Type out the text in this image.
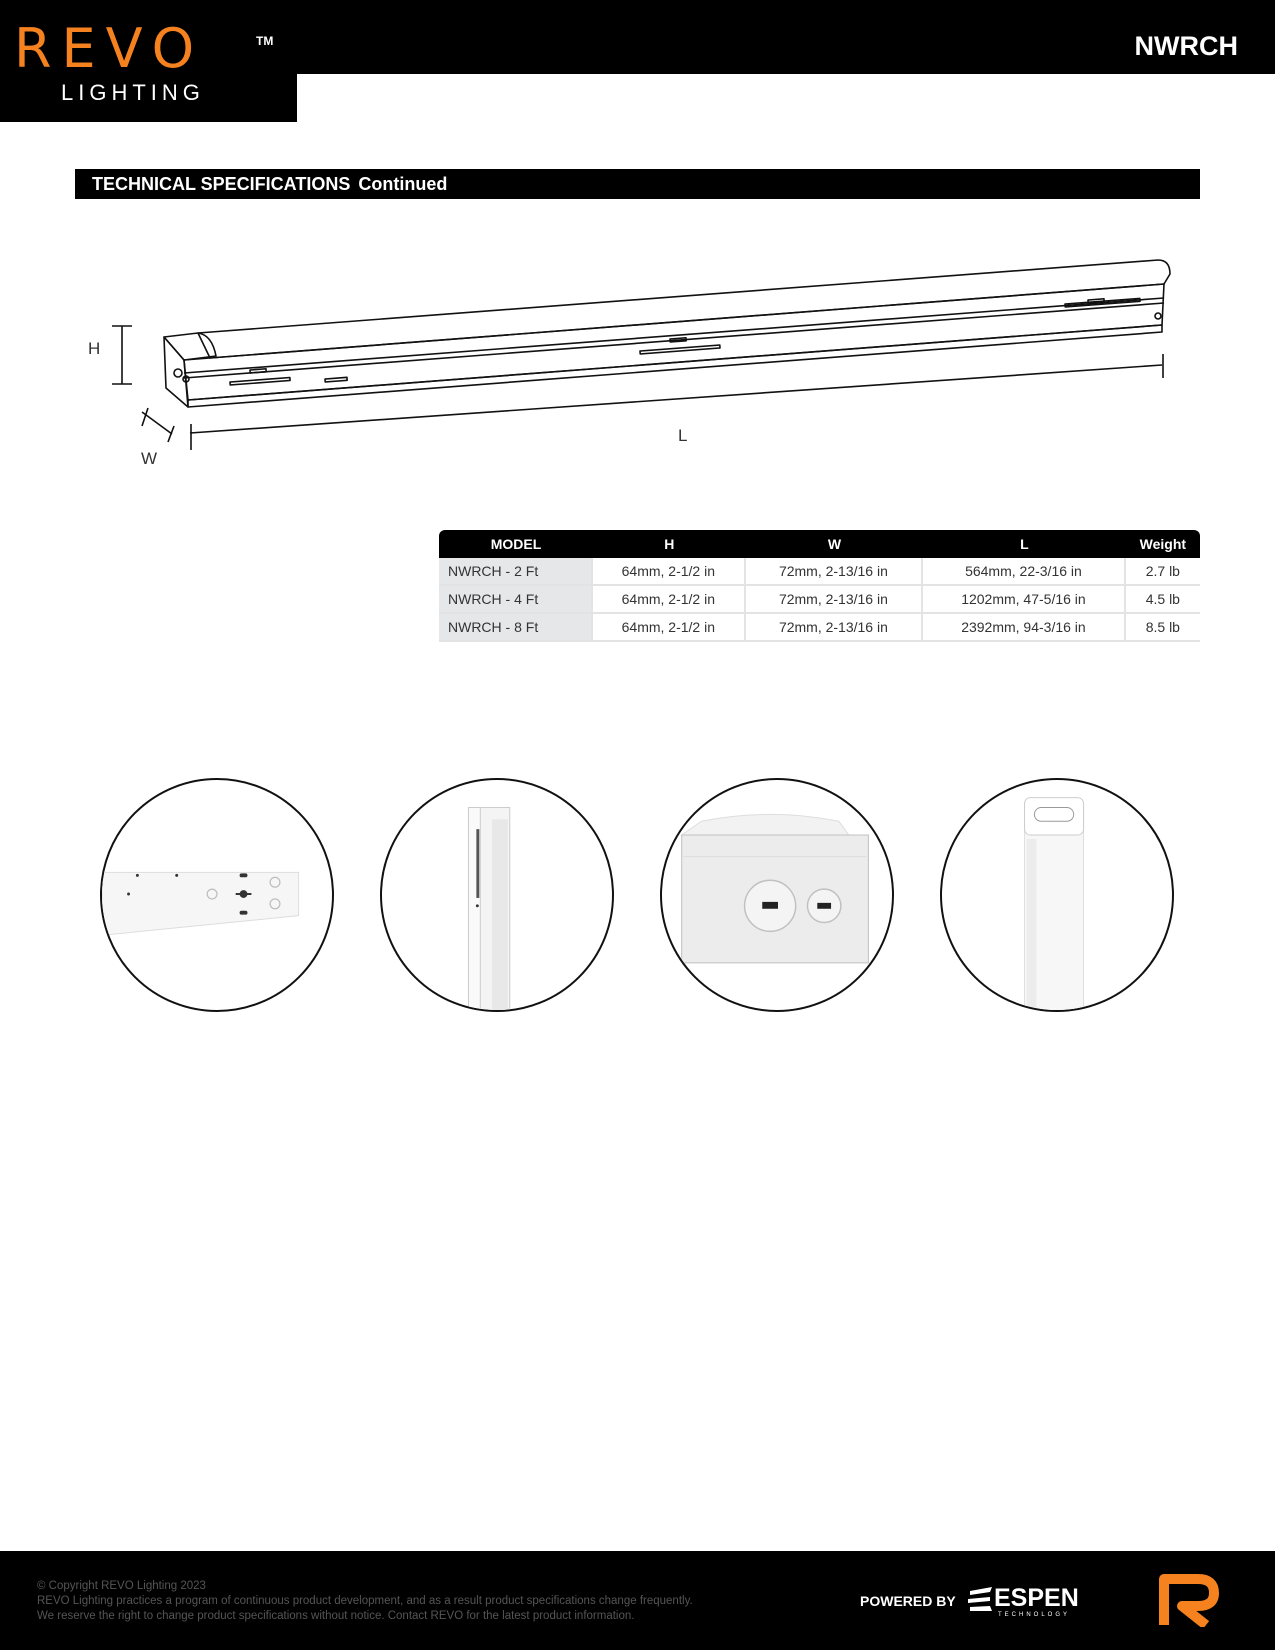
REVO	TM
LIGHTING
NWRCH
TECHNICAL SPECIFICATIONS Continued
H
W
L
MODEL	H	W	L	Weight
NWRCH - 2 Ft	64mm, 2-1/2 in	72mm, 2-13/16 in	564mm, 22-3/16 in	2.7 lb
NWRCH - 4 Ft	64mm, 2-1/2 in	72mm, 2-13/16 in	1202mm, 47-5/16 in	4.5 lb
NWRCH - 8 Ft	64mm, 2-1/2 in	72mm, 2-13/16 in	2392mm, 94-3/16 in	8.5 lb
© Copyright REVO Lighting 2023
REVO Lighting practices a program of continuous product development, and as a result product specifications change frequently.
We reserve the right to change product specifications without notice. Contact REVO for the latest product information.
POWERED BY ESPEN
TECHNOLOGY
